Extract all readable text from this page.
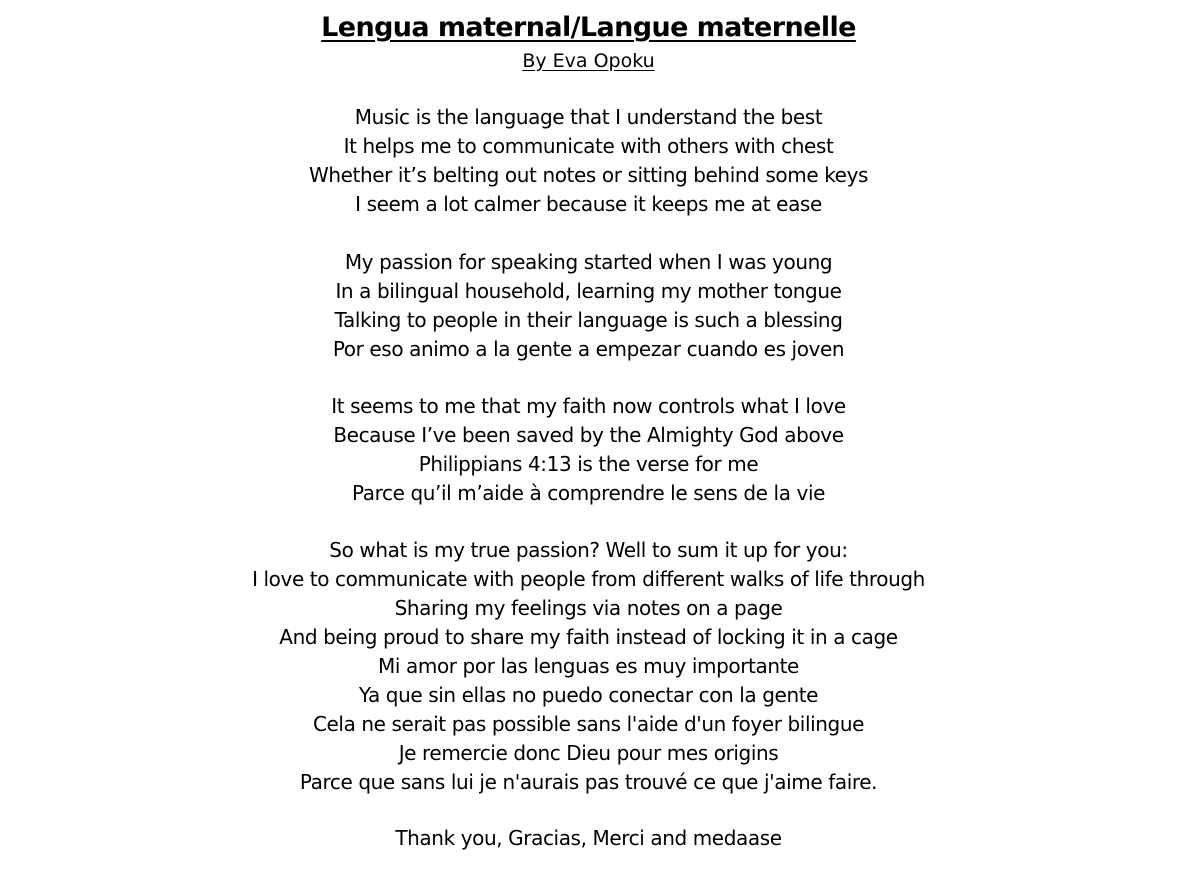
Lengua maternal/Langue maternelle

By Eva Opoku

Music is the language that I understand the best
It helps me to communicate with others with chest
Whether it’s belting out notes or sitting behind some keys
I seem a lot calmer because it keeps me at ease
My passion for speaking started when I was young
In a bilingual household, learning my mother tongue
Talking to people in their language is such a blessing
Por eso animo a la gente a empezar cuando es joven
It seems to me that my faith now controls what I love
Because I’ve been saved by the Almighty God above
Philippians 4:13 is the verse for me
Parce qu’il m’aide à comprendre le sens de la vie
So what is my true passion? Well to sum it up for you:
I love to communicate with people from different walks of life through
Sharing my feelings via notes on a page
And being proud to share my faith instead of locking it in a cage
Mi amor por las lenguas es muy importante
Ya que sin ellas no puedo conectar con la gente
Cela ne serait pas possible sans l'aide d'un foyer bilingue
Je remercie donc Dieu pour mes origins
Parce que sans lui je n'aurais pas trouvé ce que j'aime faire.

Thank you, Gracias, Merci and medaase
